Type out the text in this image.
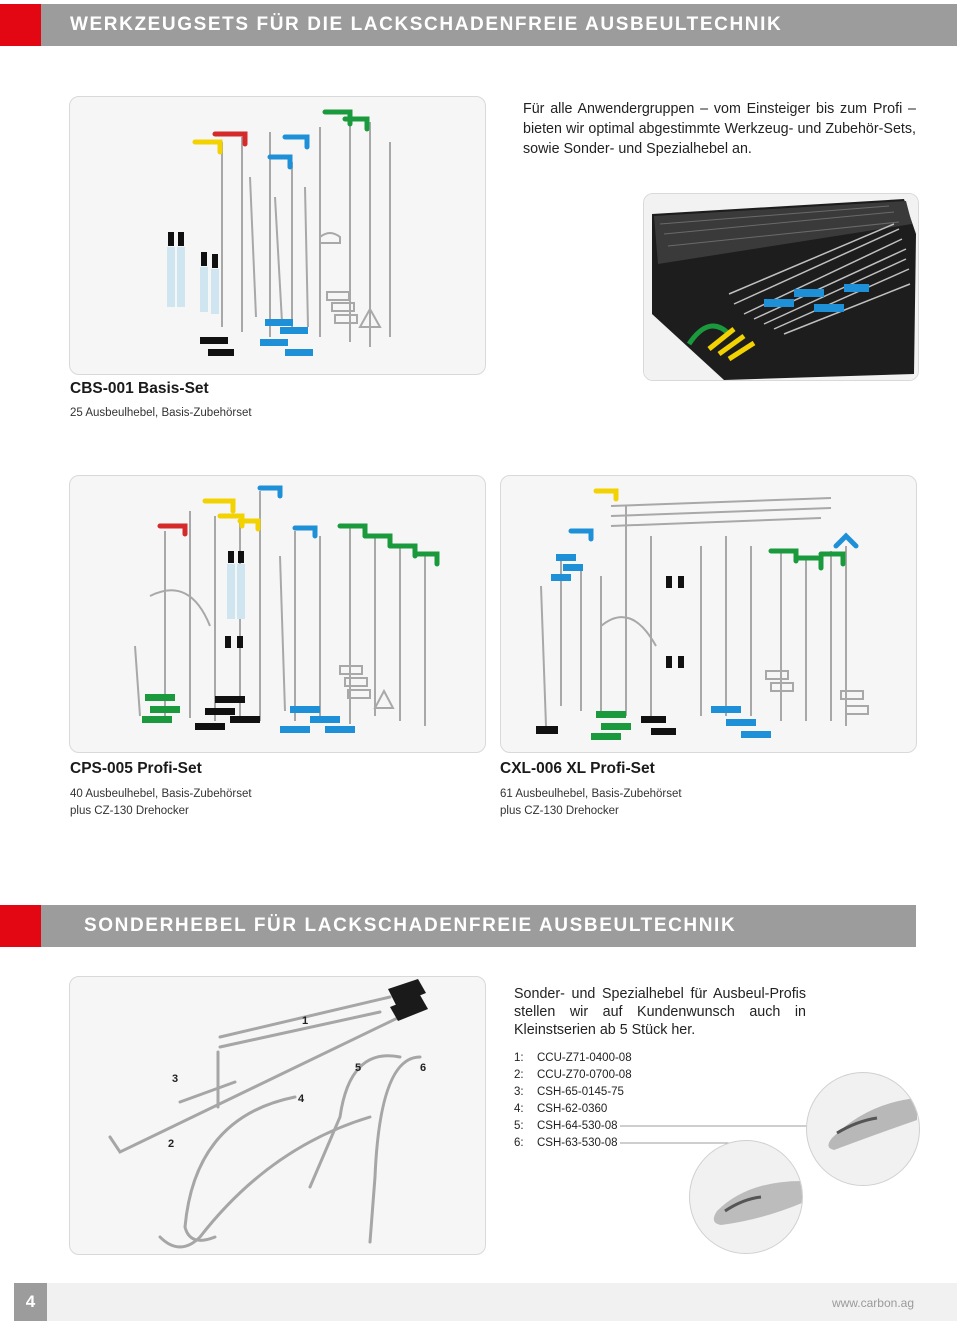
WERKZEUGSETS FÜR DIE LACKSCHADENFREIE AUSBEULTECHNIK
Für alle Anwendergruppen – vom Einsteiger bis zum Profi – bieten wir optimal abgestimmte Werkzeug- und Zubehör-Sets, sowie Sonder- und Spezialhebel an.
CBS-001 Basis-Set
25 Ausbeulhebel, Basis-Zubehörset
CPS-005 Profi-Set
40 Ausbeulhebel, Basis-Zubehörset
plus CZ-130 Drehocker
CXL-006 XL Profi-Set
61 Ausbeulhebel, Basis-Zubehörset
plus CZ-130 Drehocker
SONDERHEBEL FÜR LACKSCHADENFREIE AUSBEULTECHNIK
1
2
3
4
5	6
Sonder- und Spezialhebel für Ausbeul-Profis stellen wir auf Kundenwunsch auch in Kleinstserien ab 5 Stück her.
1:	CCU-Z71-0400-08
2:	CCU-Z70-0700-08
3:	CSH-65-0145-75
4:	CSH-62-0360
5:	CSH-64-530-08
6:	CSH-63-530-08
4	www.carbon.ag
